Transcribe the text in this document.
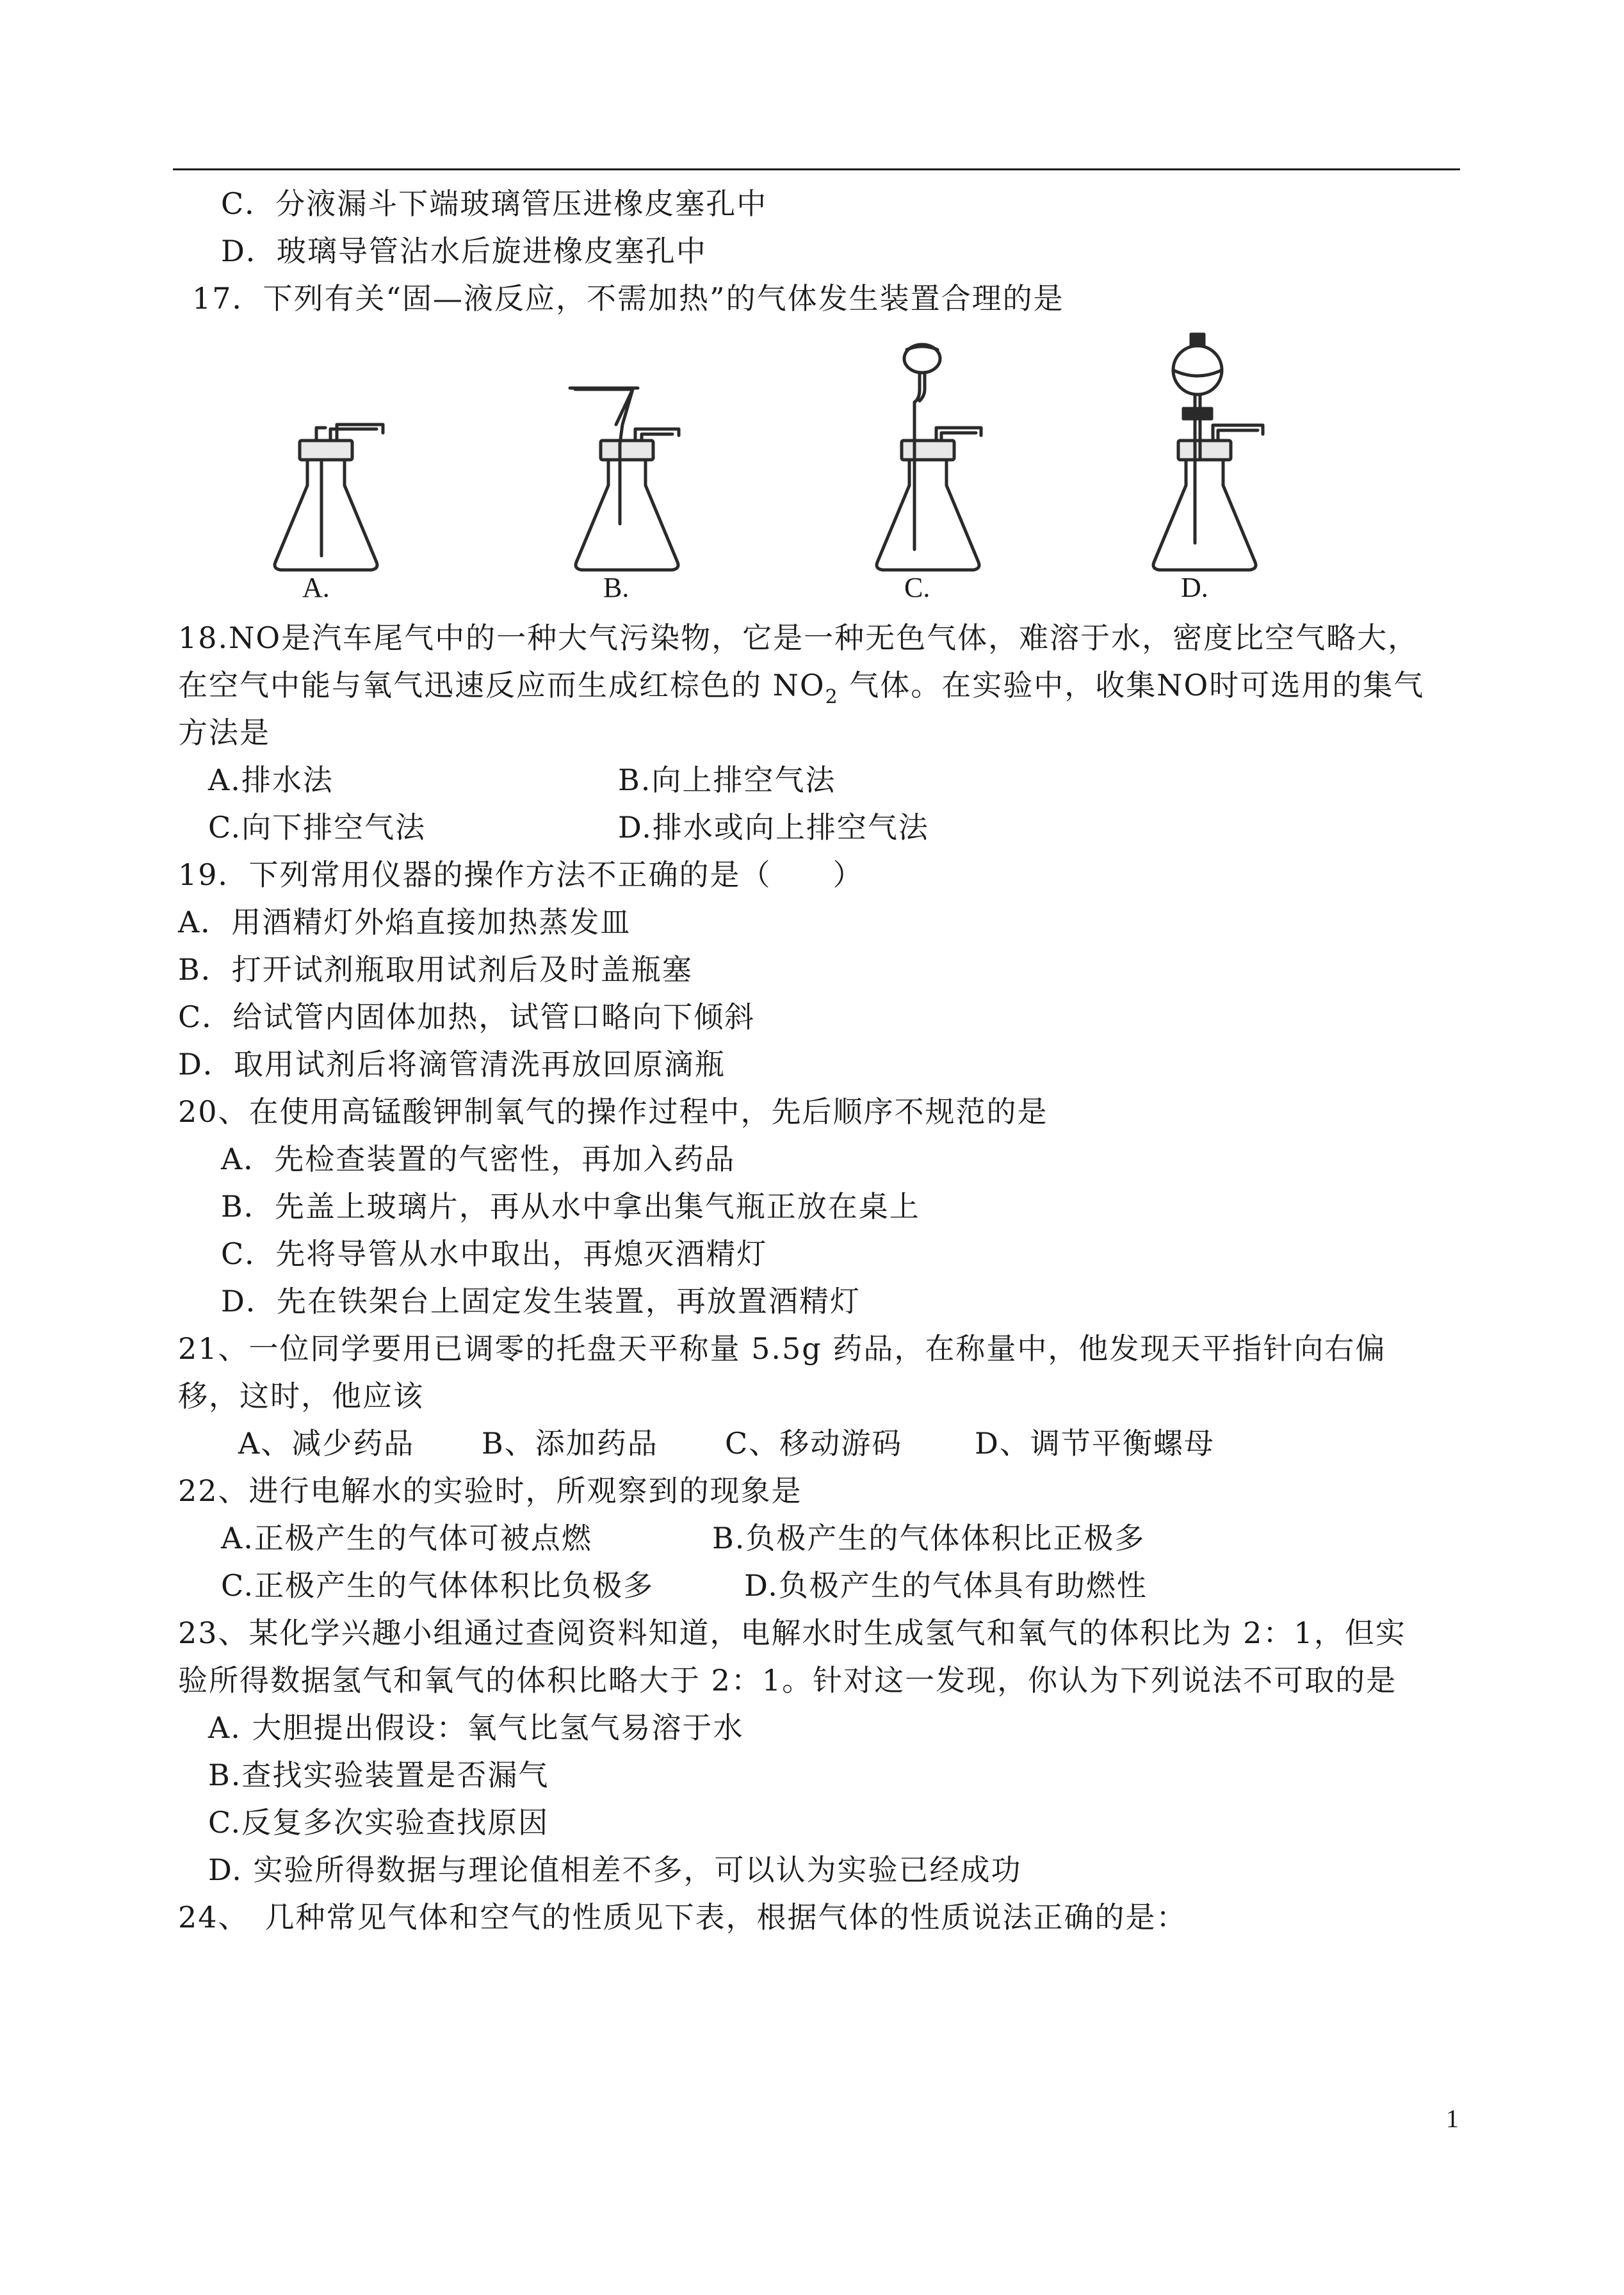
C．分液漏斗下端玻璃管压进橡皮塞孔中
D．玻璃导管沾水后旋进橡皮塞孔中
17．下列有关“固—液反应，不需加热”的气体发生装置合理的是
A.	B.	C.	D.
18.NO是汽车尾气中的一种大气污染物，它是一种无色气体，难溶于水，密度比空气略大，
在空气中能与氧气迅速反应而生成红棕色的 $NO_2$ 气体。在实验中，收集NO时可选用的集气
方法是
A.排水法	B.向上排空气法
C.向下排空气法	D.排水或向上排空气法
19．下列常用仪器的操作方法不正确的是（　　）
A．用酒精灯外焰直接加热蒸发皿
B．打开试剂瓶取用试剂后及时盖瓶塞
C．给试管内固体加热，试管口略向下倾斜
D．取用试剂后将滴管清洗再放回原滴瓶
20、在使用高锰酸钾制氧气的操作过程中，先后顺序不规范的是
A．先检查装置的气密性，再加入药品
B．先盖上玻璃片，再从水中拿出集气瓶正放在桌上
C．先将导管从水中取出，再熄灭酒精灯
D．先在铁架台上固定发生装置，再放置酒精灯
21、一位同学要用已调零的托盘天平称量 5.5g 药品，在称量中，他发现天平指针向右偏
移，这时，他应该
A、减少药品 B、添加药品 C、移动游码 D、调节平衡螺母
22、进行电解水的实验时，所观察到的现象是
A.正极产生的气体可被点燃	B.负极产生的气体体积比正极多
C.正极产生的气体体积比负极多	D.负极产生的气体具有助燃性
23、某化学兴趣小组通过查阅资料知道，电解水时生成氢气和氧气的体积比为 2：1，但实
验所得数据氢气和氧气的体积比略大于 2：1。针对这一发现，你认为下列说法不可取的是
A. 大胆提出假设：氧气比氢气易溶于水
B.查找实验装置是否漏气
C.反复多次实验查找原因
D. 实验所得数据与理论值相差不多，可以认为实验已经成功
24、　几种常见气体和空气的性质见下表，根据气体的性质说法正确的是：
1
